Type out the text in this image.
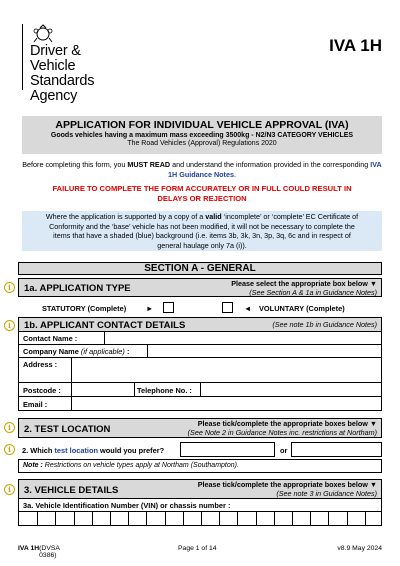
Driver & Vehicle
Standards
Agency
IVA 1H
APPLICATION FOR INDIVIDUAL VEHICLE APPROVAL (IVA)
Goods vehicles having a maximum mass exceeding 3500kg - N2/N3 CATEGORY VEHICLES
The Road Vehicles (Approval) Regulations 2020
Before completing this form, you MUST READ and understand the information provided in the corresponding IVA 1H Guidance Notes.
FAILURE TO COMPLETE THE FORM ACCURATELY OR IN FULL COULD RESULT IN
DELAYS OR REJECTION
Where the application is supported by a copy of a valid ‘incomplete’ or ‘complete’ EC Certificate of
Conformity and the ‘base’ vehicle has not been modified, it will not be necessary to complete the
items that have a shaded (blue) background (i.e. items 3b, 3k, 3n, 3p, 3q, 6c and in respect of
general haulage only 7a (i)).
SECTION A - GENERAL
i	1a. APPLICATION TYPE	Please select the appropriate box below ▼
(See Section A & 1a in Guidance Notes)
STATUTORY (Complete)	►	◄ VOLUNTARY (Complete)
i	1b. APPLICANT CONTACT DETAILS	(See note 1b in Guidance Notes)
Contact Name :
Company Name (if applicable) :
Address :
Postcode :	Telephone No. :
Email :
i	2. TEST LOCATION
Please tick/complete the appropriate boxes below ▼
(See Note 2 in Guidance Notes inc. restrictions at Northam)
i	2. Which test location would you prefer?	or
Note : Restrictions on vehicle types apply at Northam (Southampton).
i	3. VEHICLE DETAILS
Please tick/complete the appropriate boxes below ▼
(See note 3 in Guidance Notes)
3a. Vehicle Identification Number (VIN) or chassis number :
IVA 1H (DVSA 0386)
Page 1 of 14	v8.9 May 2024
